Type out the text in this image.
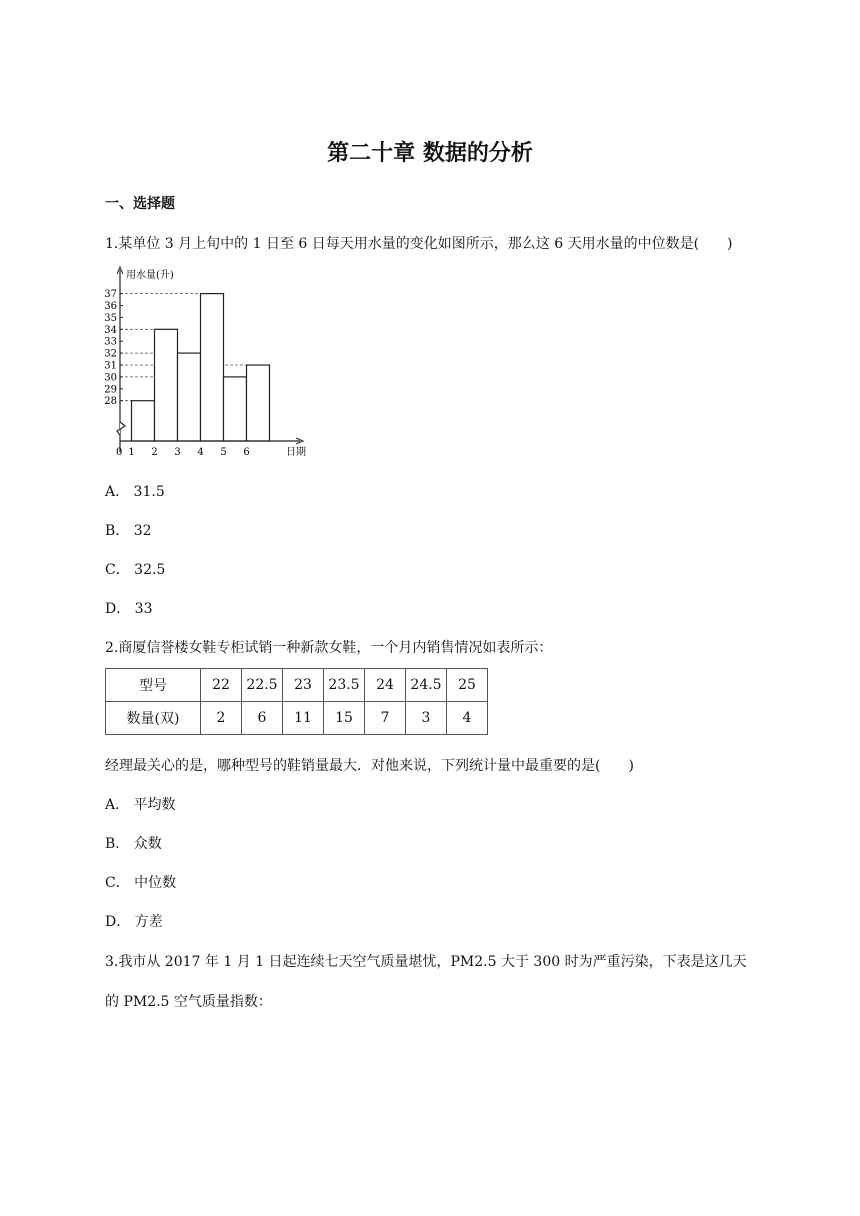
第二十章 数据的分析
一、选择题
1.某单位 3 月上旬中的 1 日至 6 日每天用水量的变化如图所示，那么这 6 天用水量的中位数是(　　)
28
29
30
31
32
33
34
35
36
37
1 2 3 4 5 6
用水量(升)
日期
0
A． 31.5
B． 32
C． 32.5
D． 33
2.商厦信誉楼女鞋专柜试销一种新款女鞋，一个月内销售情况如表所示：
型号	22	22.5	23	23.5	24	24.5	25
数量(双)	2	6	11	15	7	3	4
经理最关心的是，哪种型号的鞋销量最大．对他来说，下列统计量中最重要的是(　　)
A． 平均数
B． 众数
C． 中位数
D． 方差
3.我市从 2017 年 1 月 1 日起连续七天空气质量堪忧，PM2.5 大于 300 时为严重污染，下表是这几天
的 PM2.5 空气质量指数：
